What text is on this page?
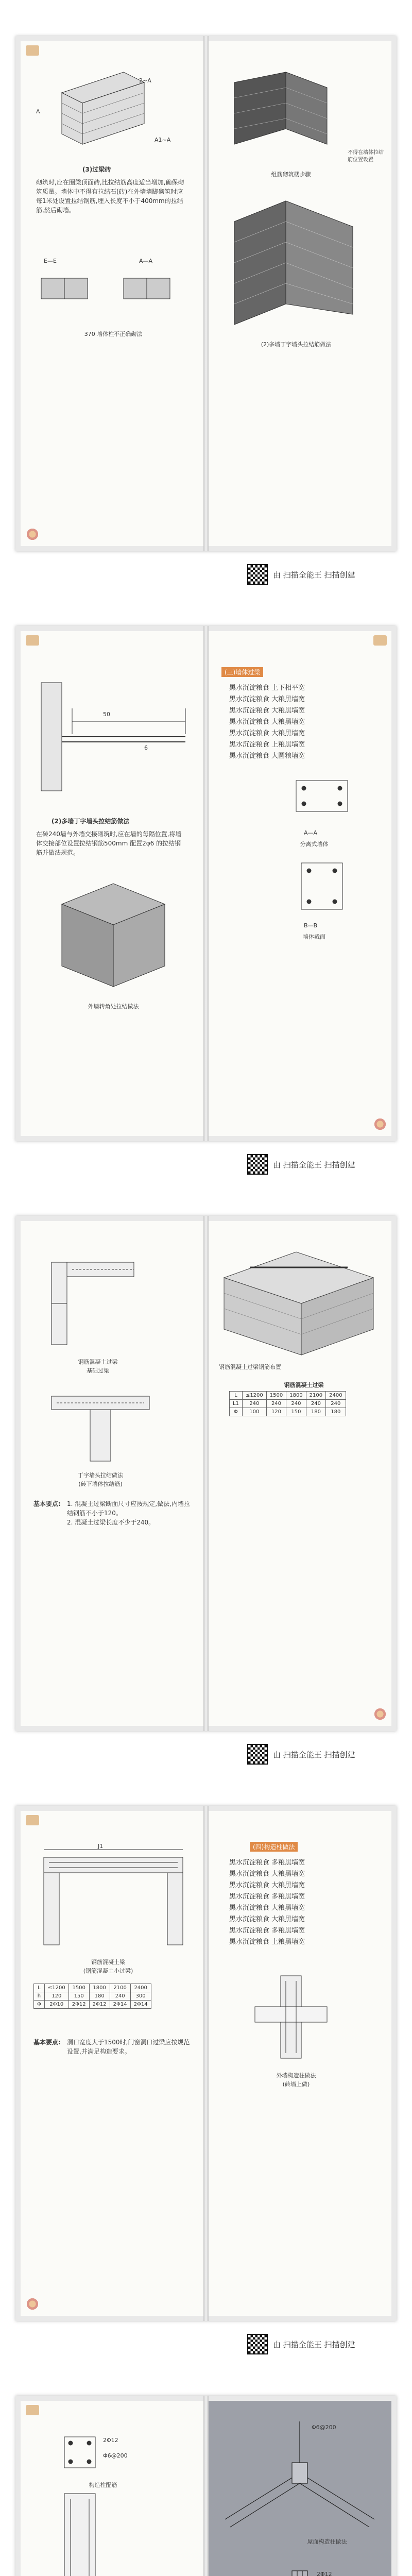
A
2~A
A1~A
(3)过梁砖
砌筑时,应在圈梁顶面砖,比拉结筋高度适当增加,确保砌筑质量。墙体中不得有拉结石(砖)在外墙墙脚砌筑时应每1米处设置拉结钢筋,埋入长度不小于400mm的拉结筋,然后砌墙。
E—E	A—A
370 墙体柱不正确砌法
组筋砌筑楼步骤
不得在墙体拉结筋位置设置
(2)多墙丁字墙头拉结筋做法
由 扫描全能王 扫描创建
50
6
(2)多墙丁字墙头拉结筋做法
在砖240墙与外墙交接砌筑时,应在墙的每隔位置,将墙体交接部位设置拉结钢筋500mm 配置2φ6 的拉结钢筋并做法规范。
外墙转角处拉结做法
(三)墙体过梁
黑水沉淀粮食 上下相平宽
黑水沉淀粮食 大粮黑墙宽
黑水沉淀粮食 大粮黑墙宽
黑水沉淀粮食 大粮黑墙宽
黑水沉淀粮食 大粮黑墙宽
黑水沉淀粮食 上粮黑墙宽
黑水沉淀粮食 大圆粮墙宽
A—A
分离式墙体
B—B
墙体截面
由 扫描全能王 扫描创建
钢筋混凝土过梁
基础过梁
丁字墙头拉结做法
(砖下墙体拉结筋)
基本要点: 1. 混凝土过梁断面尺寸应按规定,做法,内墙拉结钢筋不小于120。
2. 混凝土过梁长度不少于240。
钢筋混凝土过梁钢筋布置
钢筋混凝土过梁
L	≤1200	1500	1800	2100	2400
L1	240	240	240	240	240
Φ	100	120	150	180	180
由 扫描全能王 扫描创建
J1
钢筋混凝土梁
(钢筋混凝土小过梁)
L	≤1200	1500	1800	2100	2400
h	120	150	180	240	300
Φ	2Φ10	2Φ12	2Φ12	2Φ14	2Φ14
基本要点: 洞口宽度大于1500时,门窗洞口过梁应按规范设置,并满足构造要求。
(四)构造柱做法
黑水沉淀粮食 多粮黑墙宽
黑水沉淀粮食 大粮黑墙宽
黑水沉淀粮食 大粮黑墙宽
黑水沉淀粮食 多粮黑墙宽
黑水沉淀粮食 大粮黑墙宽
黑水沉淀粮食 大粮黑墙宽
黑水沉淀粮食 多粮黑墙宽
黑水沉淀粮食 上粮黑墙宽
外墙构造柱做法
(砖墙上做)
由 扫描全能王 扫描创建
2Φ12
Φ6@200
构造柱配筋
Φ6@200
屋面构造柱做法
2Φ12
